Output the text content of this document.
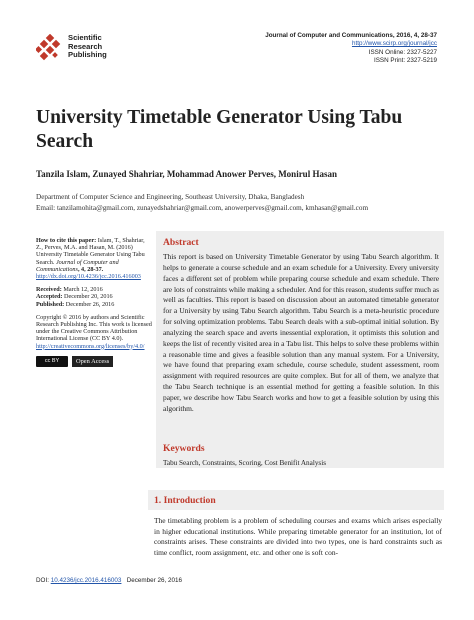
Scientific
Research
Publishing
Journal of Computer and Communications, 2016, 4, 28-37
http://www.scirp.org/journal/jcc
ISSN Online: 2327-5227
ISSN Print: 2327-5219
University Timetable Generator Using Tabu Search
Tanzila Islam, Zunayed Shahriar, Mohammad Anower Perves, Monirul Hasan
Department of Computer Science and Engineering, Southeast University, Dhaka, Bangladesh
Email: tanzilamohita@gmail.com, zunayedshahriar@gmail.com, anowerperves@gmail.com, kmhasan@gmail.com

How to cite this paper: Islam, T., Shahriar, Z., Perves, M.A. and Hasan, M. (2016) University Timetable Generator Using Tabu Search. Journal of Computer and Communications, 4, 28-37. http://dx.doi.org/10.4236/jcc.2016.416003

Received: March 12, 2016
Accepted: December 20, 2016
Published: December 26, 2016

Copyright © 2016 by authors and Scientific Research Publishing Inc. This work is licensed under the Creative Commons Attribution International License (CC BY 4.0).
http://creativecommons.org/licenses/by/4.0/

cc BY	Open Access
Abstract
This report is based on University Timetable Generator by using Tabu Search algorithm. It helps to generate a course schedule and an exam schedule for a University. Every university faces a different set of problem while preparing course schedule and exam schedule. There are lots of constraints while making a scheduler. And for this reason, students suffer much as well as faculties. This report is based on discussion about an automated timetable generator for a University by using Tabu Search algorithm. Tabu Search is a meta-heuristic procedure for solving optimization problems. Tabu Search deals with a sub-optimal initial solution. By analyzing the search space and averts inessential exploration, it optimists this solution and keeps the list of recently visited area in a Tabu list. This helps to solve these problems within a reasonable time and gives a feasible solution than any manual system. For a University, we have found that preparing exam schedule, course schedule, student assessment, room assignment with required resources are quite complex. But for all of them, we analyze that the Tabu Search technique is an essential method for getting a feasible solution. In this paper, we describe how Tabu Search works and how to get a feasible solution by using this algorithm.
Keywords
Tabu Search, Constraints, Scoring, Cost Benifit Analysis
1. Introduction
The timetabling problem is a problem of scheduling courses and exams which arises especially in higher educational institutions. While preparing timetable generator for an institution, lot of constraints arises. These constraints are divided into two types, one is hard constraints such as time conflict, room assignment, etc. and other one is soft con-
DOI: 10.4236/jcc.2016.416003 December 26, 2016
